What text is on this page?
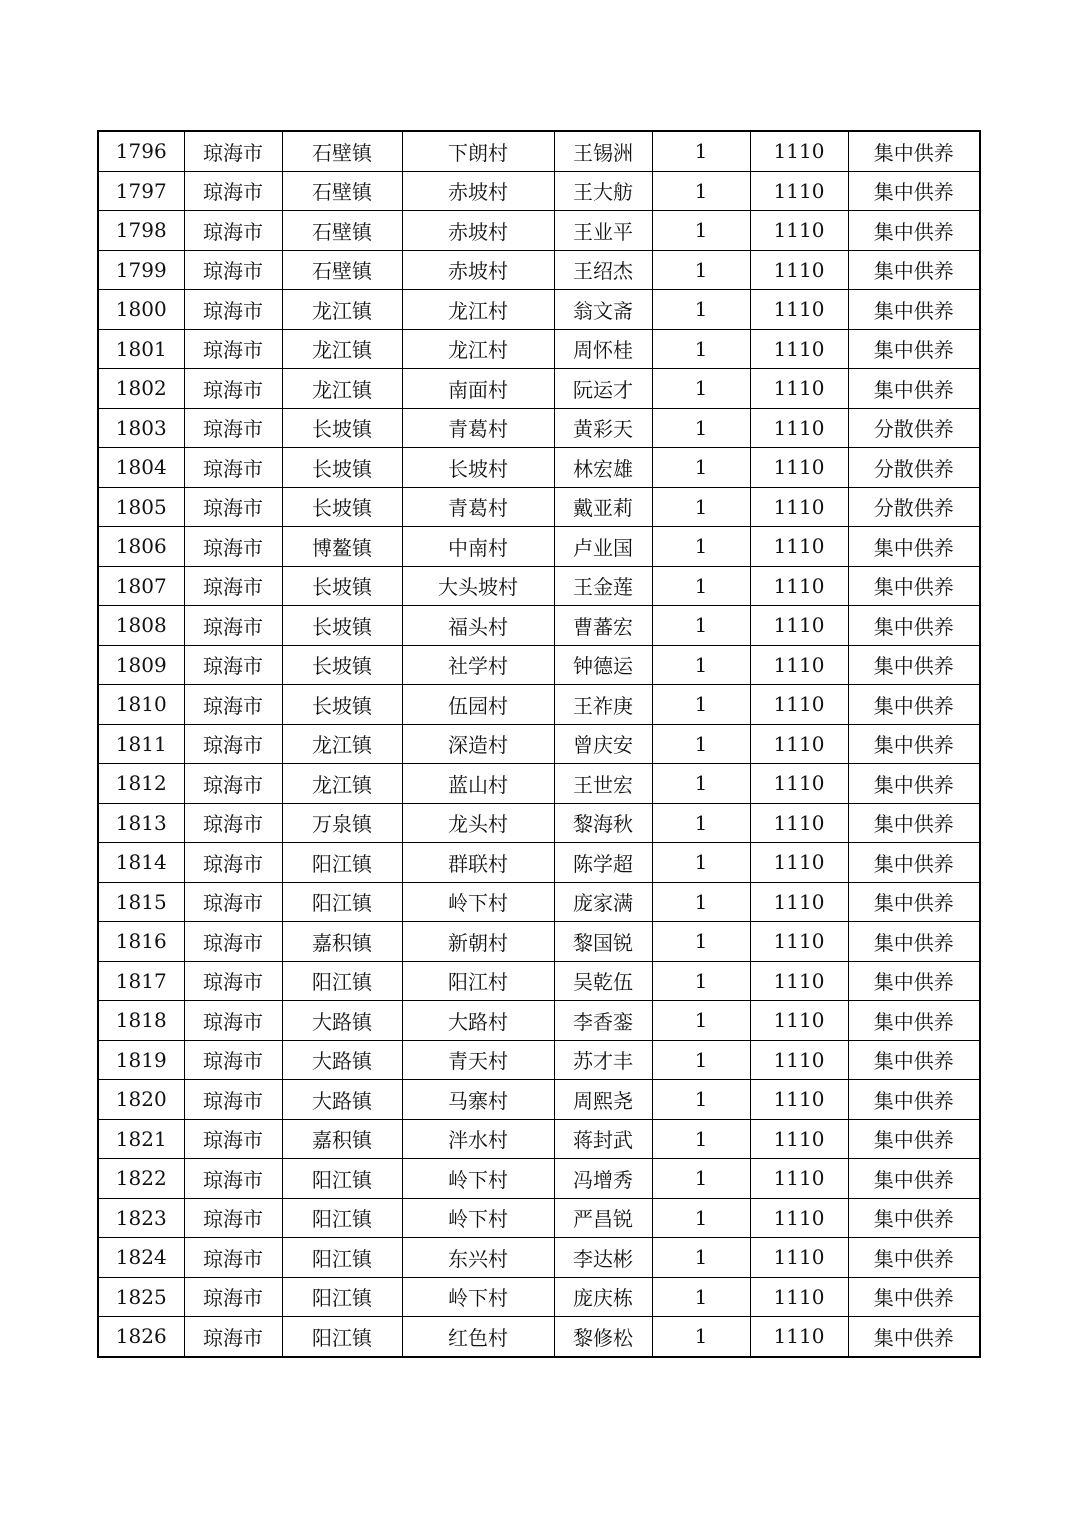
1796	琼海市	石壁镇	下朗村	王锡洲	1	1110	集中供养
1797	琼海市	石壁镇	赤坡村	王大舫	1	1110	集中供养
1798	琼海市	石壁镇	赤坡村	王业平	1	1110	集中供养
1799	琼海市	石壁镇	赤坡村	王绍杰	1	1110	集中供养
1800	琼海市	龙江镇	龙江村	翁文斋	1	1110	集中供养
1801	琼海市	龙江镇	龙江村	周怀桂	1	1110	集中供养
1802	琼海市	龙江镇	南面村	阮运才	1	1110	集中供养
1803	琼海市	长坡镇	青葛村	黄彩天	1	1110	分散供养
1804	琼海市	长坡镇	长坡村	林宏雄	1	1110	分散供养
1805	琼海市	长坡镇	青葛村	戴亚莉	1	1110	分散供养
1806	琼海市	博鳌镇	中南村	卢业国	1	1110	集中供养
1807	琼海市	长坡镇	大头坡村	王金莲	1	1110	集中供养
1808	琼海市	长坡镇	福头村	曹蕃宏	1	1110	集中供养
1809	琼海市	长坡镇	社学村	钟德运	1	1110	集中供养
1810	琼海市	长坡镇	伍园村	王祚庚	1	1110	集中供养
1811	琼海市	龙江镇	深造村	曾庆安	1	1110	集中供养
1812	琼海市	龙江镇	蓝山村	王世宏	1	1110	集中供养
1813	琼海市	万泉镇	龙头村	黎海秋	1	1110	集中供养
1814	琼海市	阳江镇	群联村	陈学超	1	1110	集中供养
1815	琼海市	阳江镇	岭下村	庞家满	1	1110	集中供养
1816	琼海市	嘉积镇	新朝村	黎国锐	1	1110	集中供养
1817	琼海市	阳江镇	阳江村	吴乾伍	1	1110	集中供养
1818	琼海市	大路镇	大路村	李香銮	1	1110	集中供养
1819	琼海市	大路镇	青天村	苏才丰	1	1110	集中供养
1820	琼海市	大路镇	马寨村	周熙尧	1	1110	集中供养
1821	琼海市	嘉积镇	泮水村	蒋封武	1	1110	集中供养
1822	琼海市	阳江镇	岭下村	冯增秀	1	1110	集中供养
1823	琼海市	阳江镇	岭下村	严昌锐	1	1110	集中供养
1824	琼海市	阳江镇	东兴村	李达彬	1	1110	集中供养
1825	琼海市	阳江镇	岭下村	庞庆栋	1	1110	集中供养
1826	琼海市	阳江镇	红色村	黎修松	1	1110	集中供养
